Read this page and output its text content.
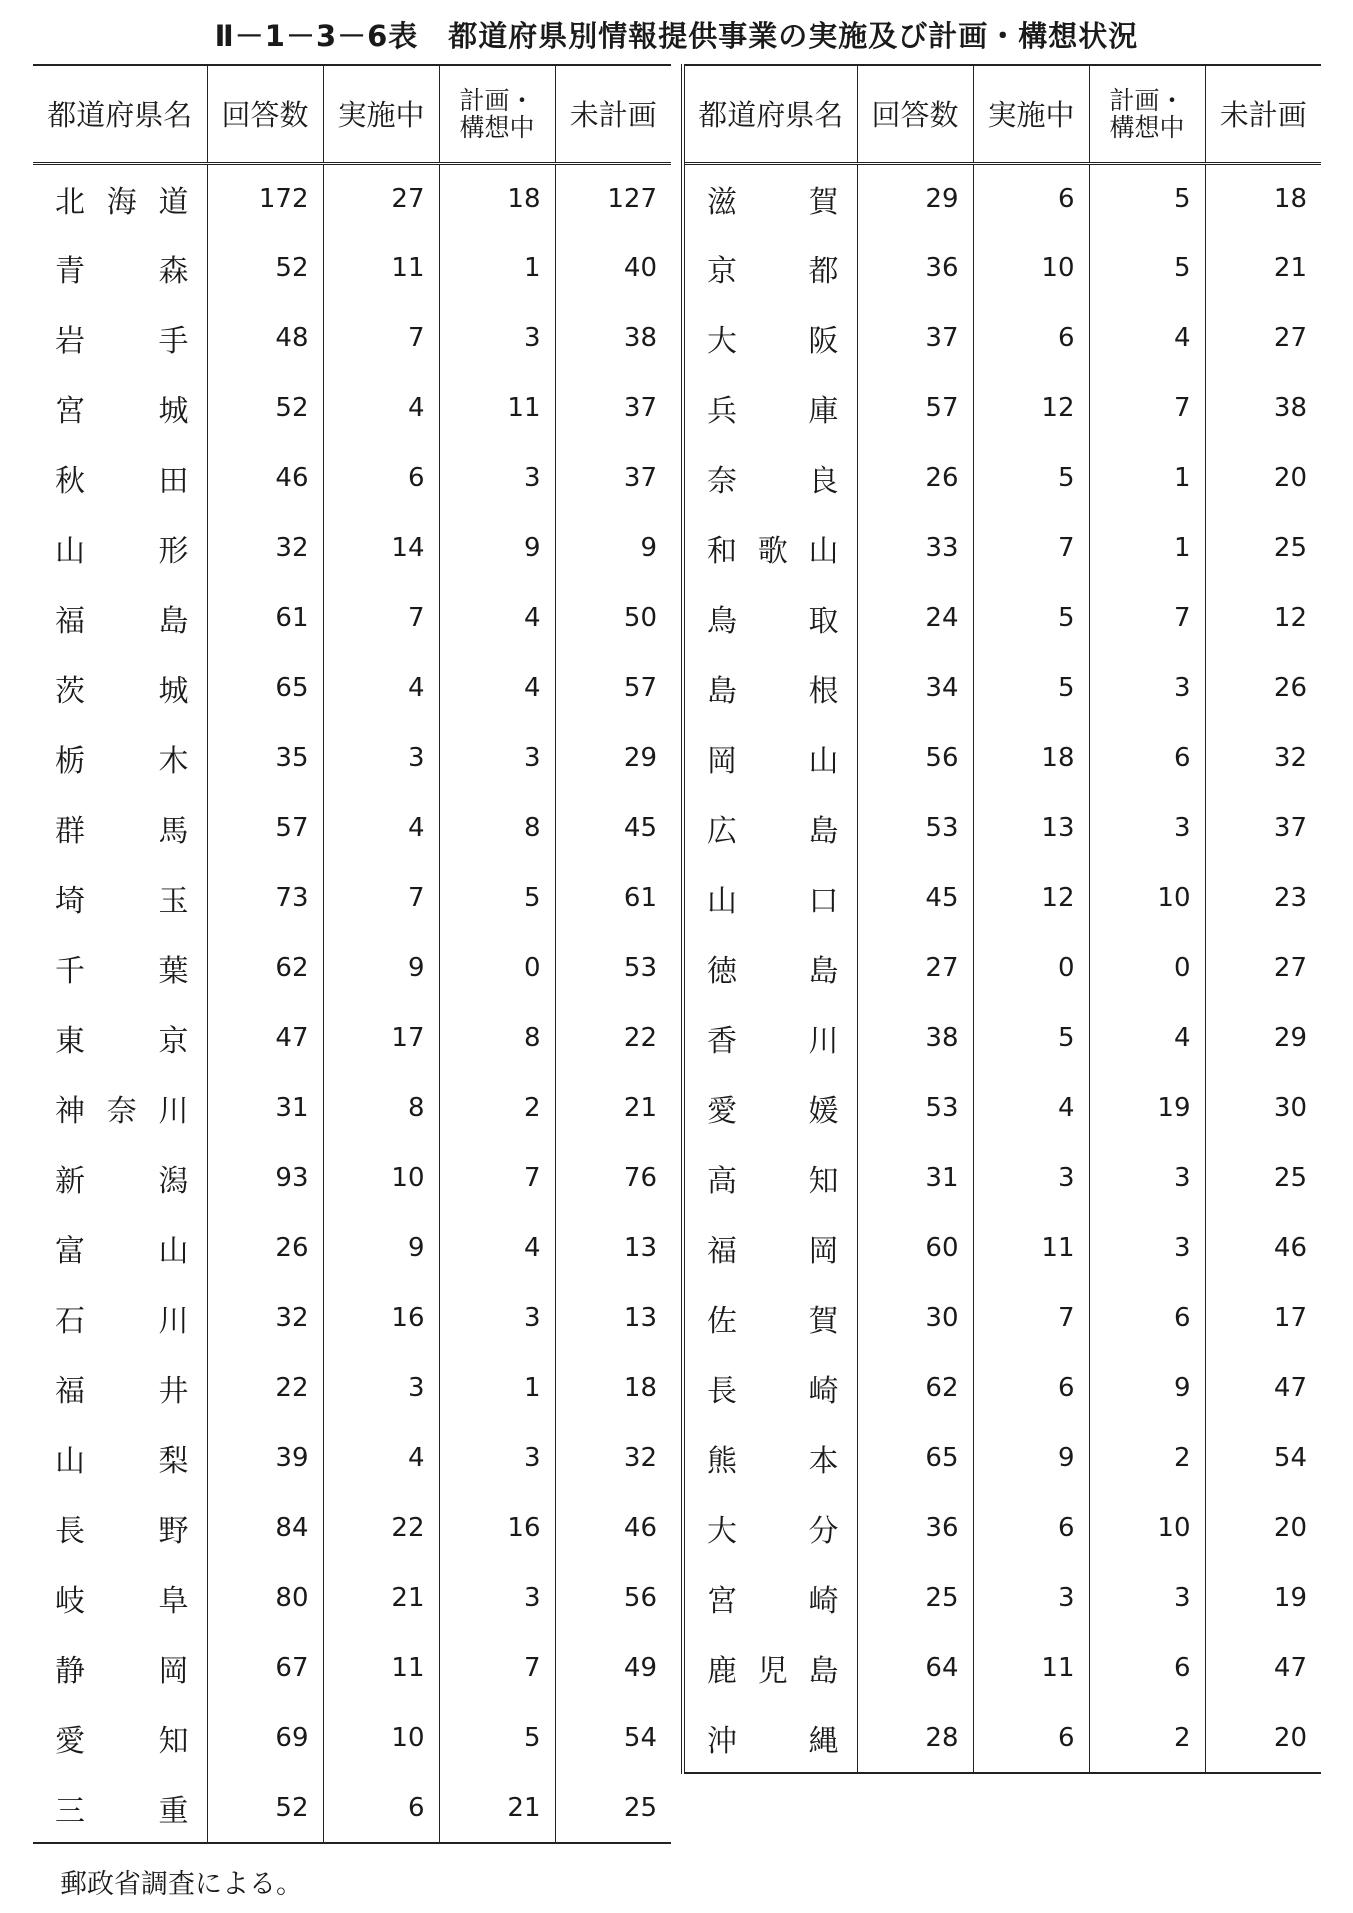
Ⅱ－1－3－6表　都道府県別情報提供事業の実施及び計画・構想状況
都道府県名	回答数	実施中	計画・
構想中	未計画

北 海 道	172	27	18	127

青 森	52	11	1	40

岩 手	48	7	3	38

宮 城	52	4	11	37

秋 田	46	6	3	37

山 形	32	14	9	9

福 島	61	7	4	50

茨 城	65	4	4	57

栃 木	35	3	3	29

群 馬	57	4	8	45

埼 玉	73	7	5	61

千 葉	62	9	0	53

東 京	47	17	8	22

神 奈 川	31	8	2	21

新 潟	93	10	7	76

富 山	26	9	4	13

石 川	32	16	3	13

福 井	22	3	1	18

山 梨	39	4	3	32

長 野	84	22	16	46

岐 阜	80	21	3	56

静 岡	67	11	7	49

愛 知	69	10	5	54

三 重	52	6	21	25
都道府県名	回答数	実施中	計画・
構想中	未計画

滋 賀	29	6	5	18

京 都	36	10	5	21

大 阪	37	6	4	27

兵 庫	57	12	7	38

奈 良	26	5	1	20

和 歌 山	33	7	1	25

鳥 取	24	5	7	12

島 根	34	5	3	26

岡 山	56	18	6	32

広 島	53	13	3	37

山 口	45	12	10	23

徳 島	27	0	0	27

香 川	38	5	4	29

愛 媛	53	4	19	30

高 知	31	3	3	25

福 岡	60	11	3	46

佐 賀	30	7	6	17

長 崎	62	6	9	47

熊 本	65	9	2	54

大 分	36	6	10	20

宮 崎	25	3	3	19

鹿 児 島	64	11	6	47

沖 縄	28	6	2	20
郵政省調査による。
